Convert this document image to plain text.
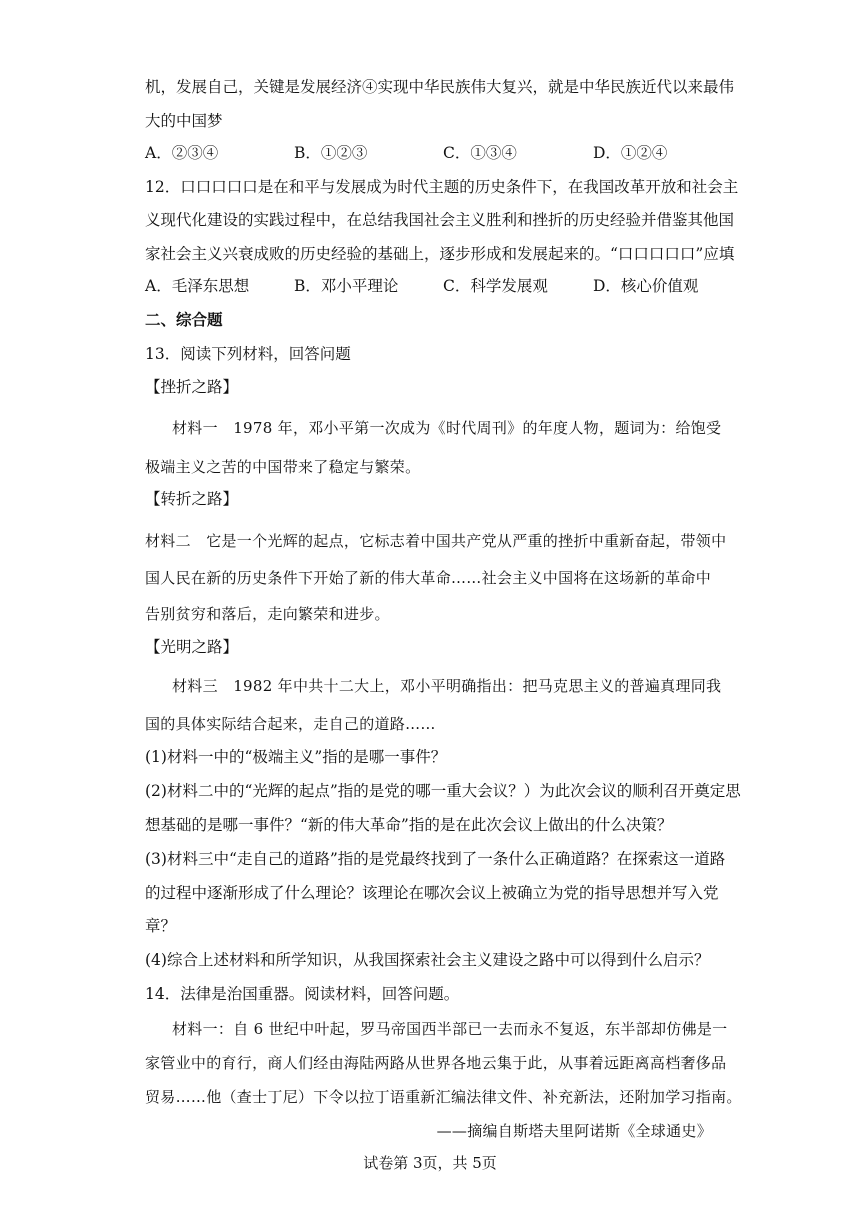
机，发展自己，关键是发展经济④实现中华民族伟大复兴，就是中华民族近代以来最伟
大的中国梦
A．②③④	B．①②③	C．①③④	D．①②④
12．口口口口口是在和平与发展成为时代主题的历史条件下，在我国改革开放和社会主
义现代化建设的实践过程中，在总结我国社会主义胜利和挫折的历史经验并借鉴其他国
家社会主义兴衰成败的历史经验的基础上，逐步形成和发展起来的。“口口口口口”应填
A．毛泽东思想	B．邓小平理论	C．科学发展观	D．核心价值观
二、综合题
13．阅读下列材料，回答问题
【挫折之路】
材料一　1978 年，邓小平第一次成为《时代周刊》的年度人物，题词为：给饱受
极端主义之苦的中国带来了稳定与繁荣。
【转折之路】
材料二　它是一个光辉的起点，它标志着中国共产党从严重的挫折中重新奋起，带领中
国人民在新的历史条件下开始了新的伟大革命……社会主义中国将在这场新的革命中
告别贫穷和落后，走向繁荣和进步。
【光明之路】
材料三　1982 年中共十二大上，邓小平明确指出：把马克思主义的普遍真理同我
国的具体实际结合起来，走自己的道路……
(1)材料一中的“极端主义”指的是哪一事件？
(2)材料二中的“光辉的起点”指的是党的哪一重大会议？）为此次会议的顺利召开奠定思
想基础的是哪一事件？“新的伟大革命”指的是在此次会议上做出的什么决策？
(3)材料三中“走自己的道路”指的是党最终找到了一条什么正确道路？在探索这一道路
的过程中逐渐形成了什么理论？该理论在哪次会议上被确立为党的指导思想并写入党
章？
(4)综合上述材料和所学知识，从我国探索社会主义建设之路中可以得到什么启示？
14．法律是治国重器。阅读材料，回答问题。
材料一：自 6 世纪中叶起，罗马帝国西半部已一去而永不复返，东半部却仿佛是一
家管业中的育行，商人们经由海陆两路从世界各地云集于此，从事着远距离高档奢侈品
贸易……他（查士丁尼）下令以拉丁语重新汇编法律文件、补充新法，还附加学习指南。
——摘编自斯塔夫里阿诺斯《全球通史》
试卷第 3页，共 5页
